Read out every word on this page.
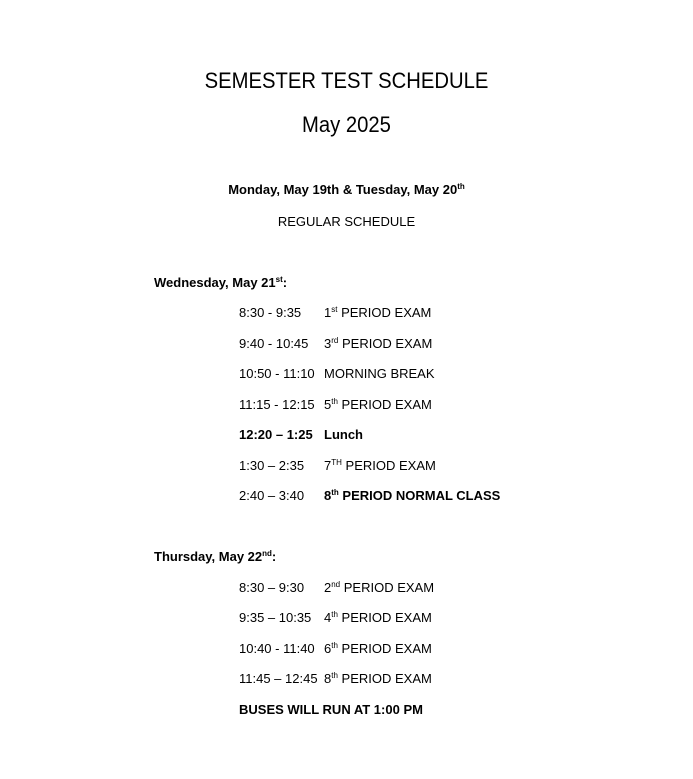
SEMESTER TEST SCHEDULE
May 2025
Monday, May 19th & Tuesday, May 20th
REGULAR SCHEDULE
Wednesday, May 21st:
8:30 - 9:35 1st PERIOD EXAM
9:40 - 10:45 3rd PERIOD EXAM
10:50 - 11:10 MORNING BREAK
11:15 - 12:15 5th PERIOD EXAM
12:20 – 1:25 Lunch
1:30 – 2:35 7TH PERIOD EXAM
2:40 – 3:40 8th PERIOD NORMAL CLASS
Thursday, May 22nd:
8:30 – 9:30 2nd PERIOD EXAM
9:35 – 10:35 4th PERIOD EXAM
10:40 - 11:40 6th PERIOD EXAM
11:45 – 12:45 8th PERIOD EXAM
BUSES WILL RUN AT 1:00 PM
